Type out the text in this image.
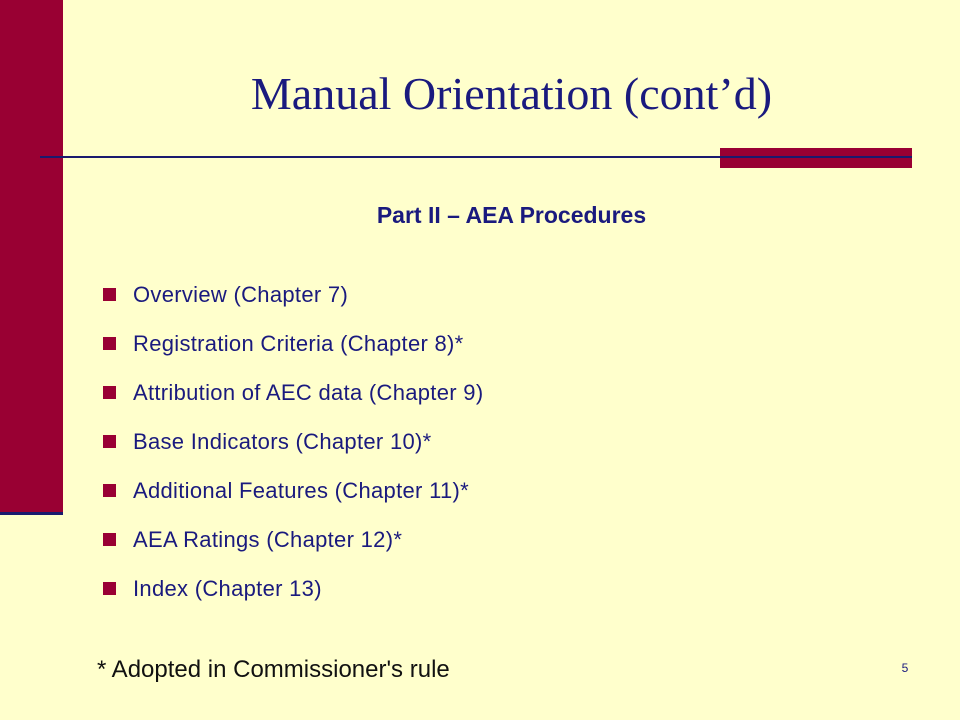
Manual Orientation (cont’d)
Part II – AEA Procedures
Overview (Chapter 7)
Registration Criteria (Chapter 8)*
Attribution of AEC data (Chapter 9)
Base Indicators (Chapter 10)*
Additional Features (Chapter 11)*
AEA Ratings (Chapter 12)*
Index (Chapter 13)

* Adopted in Commissioner's rule	5
